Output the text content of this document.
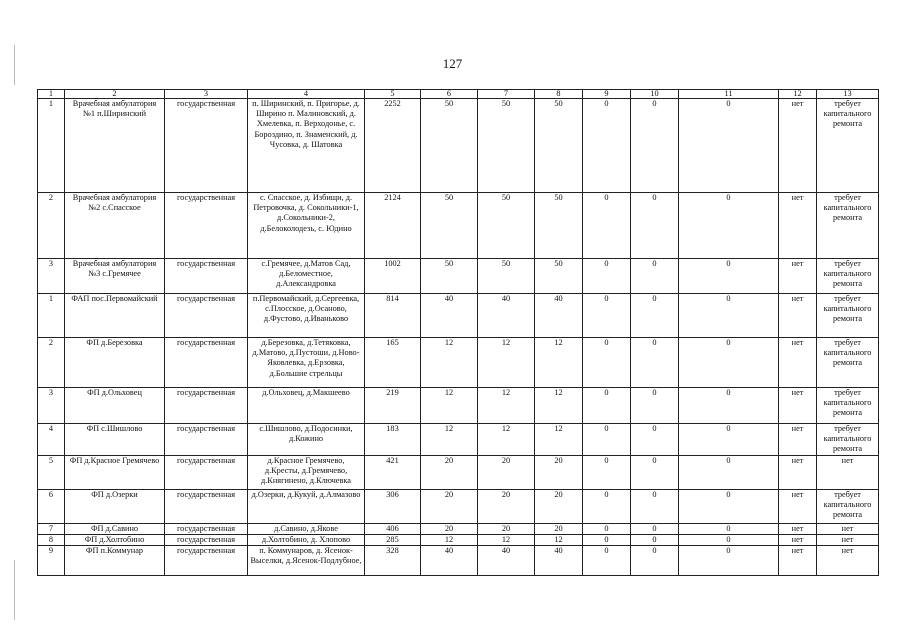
127
1	2	3	4	5	6	7	8	9	10	11	12	13
1	Врачебная амбулатория №1 п.Ширинский	государственная	п. Ширинский, п. Пригорье, д. Ширино п. Малиновский, д. Хмелевка, п. Верходонье, с. Бороздино, п. Знаменский, д. Чусовка, д. Шатовка	2252	50	50	50	0	0	0	нет	требует капитального ремонта
2	Врачебная амбулатория №2 с.Спасское	государственная	с. Спасское, д. Избищи, д. Петровочка, д. Сокольники-1, д.Сокольники-2, д.Белоколодезь, с. Юдино	2124	50	50	50	0	0	0	нет	требует капитального ремонта
3	Врачебная амбулатория №3 с.Гремячее	государственная	с.Гремячее, д.Матов Сад, д.Беломестное, д.Александровка	1002	50	50	50	0	0	0	нет	требует капитального ремонта
1	ФАП пос.Первомайский	государственная	п.Первомайский, д.Сергеевка, с.Плосское, д.Осаново, д.Фустово, д.Иваньково	814	40	40	40	0	0	0	нет	требует капитального ремонта
2	ФП д.Березовка	государственная	д.Березовка, д.Тетяковка, д.Матово, д.Пустоши, д.Ново-Яковлевка, д.Ерзовка, д.Большие стрельцы	165	12	12	12	0	0	0	нет	требует капитального ремонта
3	ФП д.Ольховец	государственная	д.Ольховец, д.Макшеево	219	12	12	12	0	0	0	нет	требует капитального ремонта
4	ФП с.Шишлово	государственная	с.Шишлово, д.Подосинки, д.Кожино	183	12	12	12	0	0	0	нет	требует капитального ремонта
5	ФП д.Красное Гремячево	государственная	д.Красное Гремячево, д.Кресты, д.Гремячево, д.Княгинено, д.Ключевка	421	20	20	20	0	0	0	нет	нет
6	ФП д.Озерки	государственная	д.Озерки, д.Кукуй, д.Алмазово	306	20	20	20	0	0	0	нет	требует капитального ремонта
7	ФП д.Савино	государственная	д.Савино, д.Якове	406	20	20	20	0	0	0	нет	нет
8	ФП д.Холтобино	государственная	д.Холтобино, д. Хлопово	285	12	12	12	0	0	0	нет	нет
9	ФП п.Коммунар	государственная	п. Коммунаров, д. Ясенок-Выселки, д.Ясенок-Подлубное,	328	40	40	40	0	0	0	нет	нет
